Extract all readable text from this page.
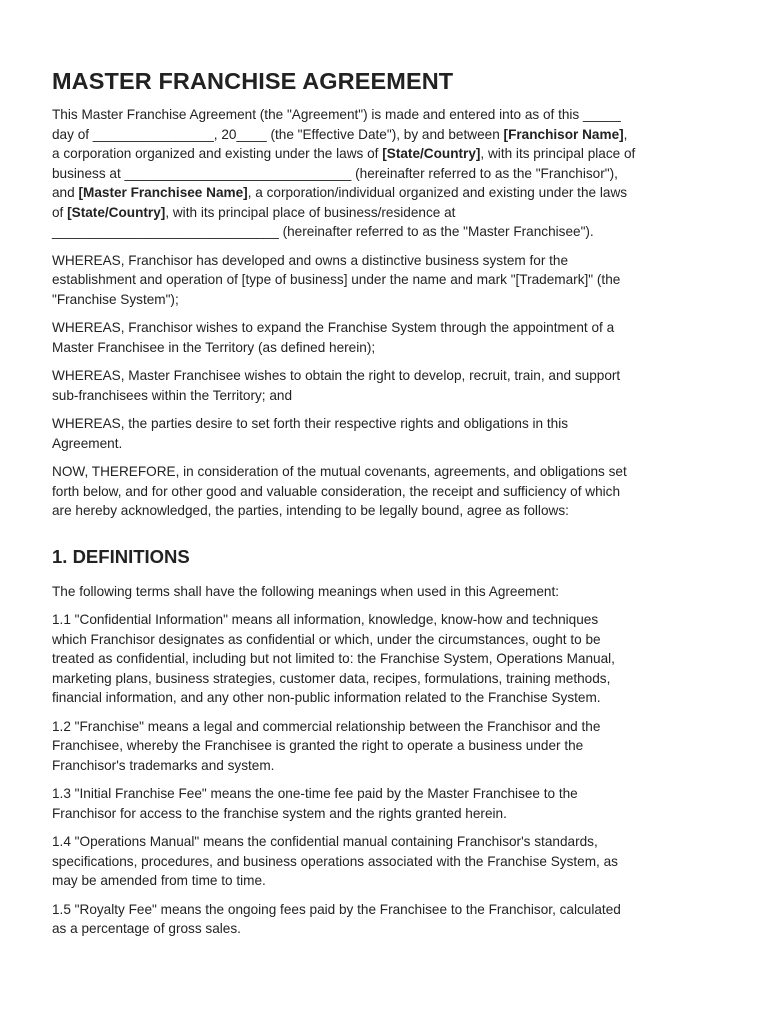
MASTER FRANCHISE AGREEMENT

This Master Franchise Agreement (the "Agreement") is made and entered into as of this _____
day of ________________, 20____ (the "Effective Date"), by and between [Franchisor Name],
a corporation organized and existing under the laws of [State/Country], with its principal place of
business at ______________________________ (hereinafter referred to as the "Franchisor"),
and [Master Franchisee Name], a corporation/individual organized and existing under the laws
of [State/Country], with its principal place of business/residence at
______________________________ (hereinafter referred to as the "Master Franchisee").

WHEREAS, Franchisor has developed and owns a distinctive business system for the
establishment and operation of [type of business] under the name and mark "[Trademark]" (the
"Franchise System");

WHEREAS, Franchisor wishes to expand the Franchise System through the appointment of a
Master Franchisee in the Territory (as defined herein);

WHEREAS, Master Franchisee wishes to obtain the right to develop, recruit, train, and support
sub-franchisees within the Territory; and

WHEREAS, the parties desire to set forth their respective rights and obligations in this
Agreement.

NOW, THEREFORE, in consideration of the mutual covenants, agreements, and obligations set
forth below, and for other good and valuable consideration, the receipt and sufficiency of which
are hereby acknowledged, the parties, intending to be legally bound, agree as follows:

1. DEFINITIONS

The following terms shall have the following meanings when used in this Agreement:

1.1 "Confidential Information" means all information, knowledge, know-how and techniques
which Franchisor designates as confidential or which, under the circumstances, ought to be
treated as confidential, including but not limited to: the Franchise System, Operations Manual,
marketing plans, business strategies, customer data, recipes, formulations, training methods,
financial information, and any other non-public information related to the Franchise System.

1.2 "Franchise" means a legal and commercial relationship between the Franchisor and the
Franchisee, whereby the Franchisee is granted the right to operate a business under the
Franchisor's trademarks and system.

1.3 "Initial Franchise Fee" means the one-time fee paid by the Master Franchisee to the
Franchisor for access to the franchise system and the rights granted herein.

1.4 "Operations Manual" means the confidential manual containing Franchisor's standards,
specifications, procedures, and business operations associated with the Franchise System, as
may be amended from time to time.

1.5 "Royalty Fee" means the ongoing fees paid by the Franchisee to the Franchisor, calculated
as a percentage of gross sales.
